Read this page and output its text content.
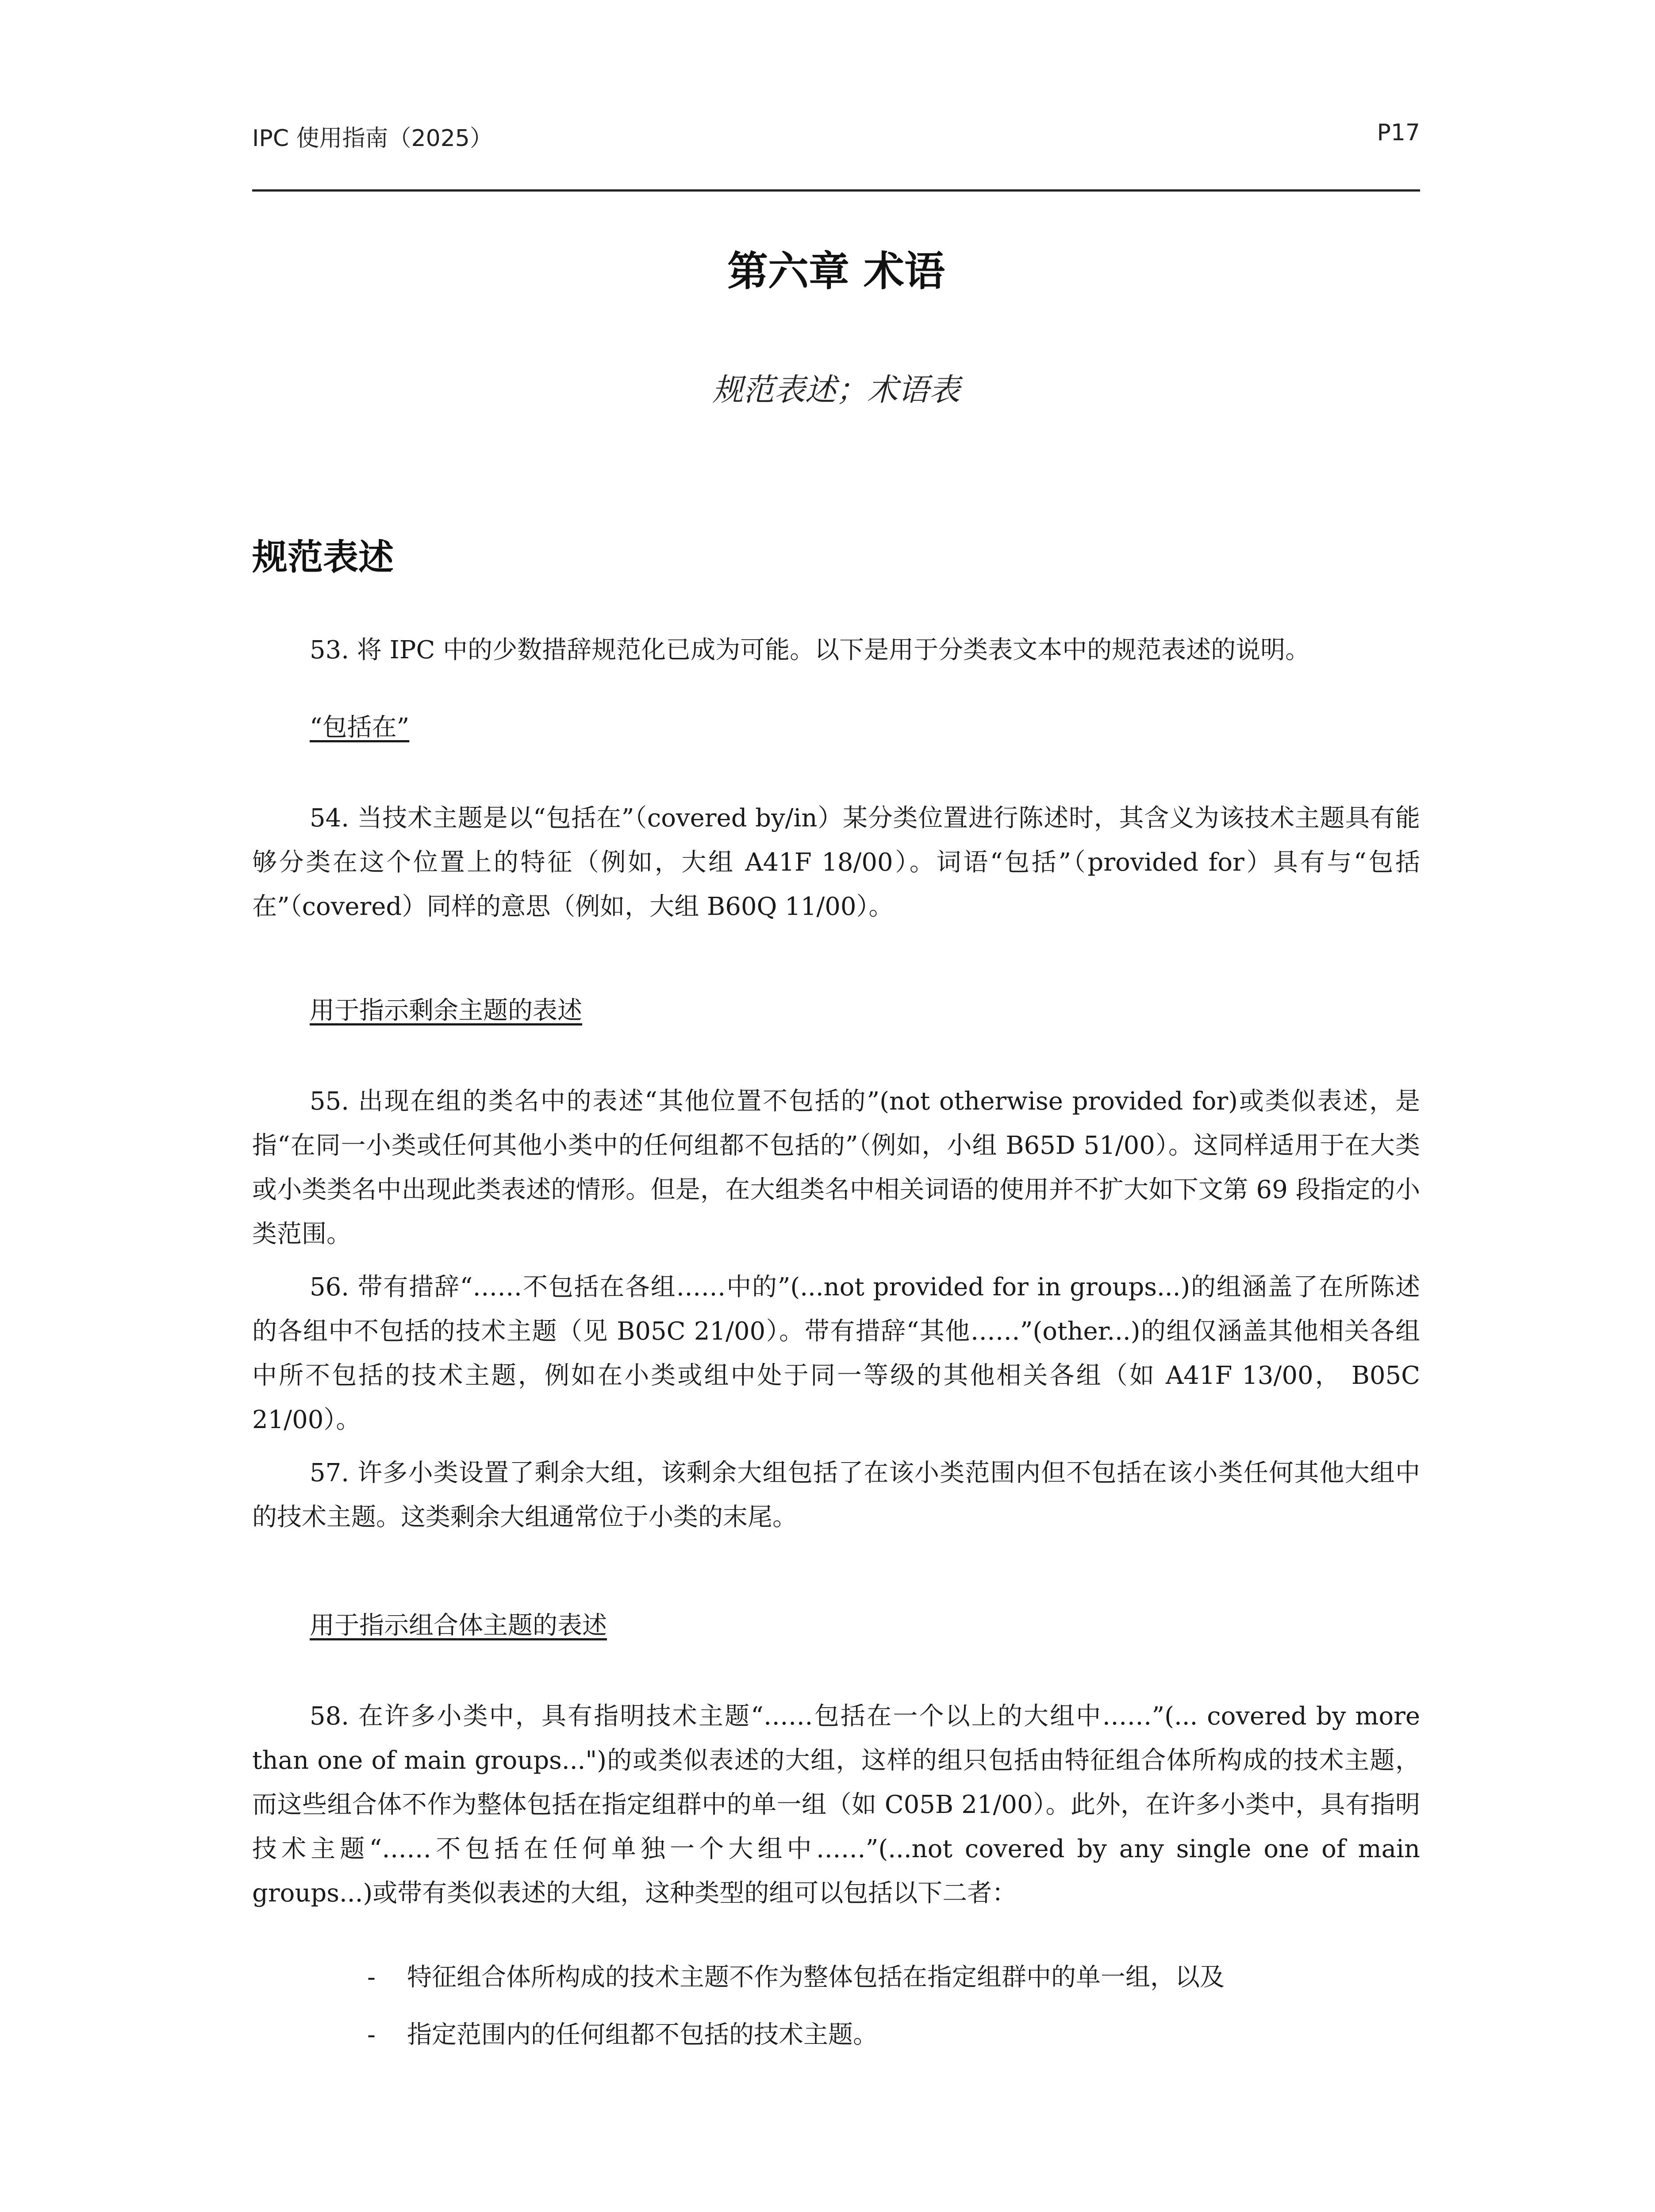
IPC 使用指南（2025）	P17
第六章 术语
规范表述；术语表
规范表述

53. 将 IPC 中的少数措辞规范化已成为可能。以下是用于分类表文本中的规范表述的说明。

“包括在”

54. 当技术主题是以“包括在”（covered by/in）某分类位置进行陈述时，其含义为该技术主题具有能够分类在这个位置上的特征（例如，大组 A41F 18/00）。词语“包括”（provided for）具有与“包括在”（covered）同样的意思（例如，大组 B60Q 11/00）。

用于指示剩余主题的表述

55. 出现在组的类名中的表述“其他位置不包括的”(not otherwise provided for)或类似表述，是指“在同一小类或任何其他小类中的任何组都不包括的”（例如，小组 B65D 51/00）。这同样适用于在大类或小类类名中出现此类表述的情形。但是，在大组类名中相关词语的使用并不扩大如下文第 69 段指定的小类范围。

56. 带有措辞“……不包括在各组……中的”(...not provided for in groups...)的组涵盖了在所陈述的各组中不包括的技术主题（见 B05C 21/00）。带有措辞“其他……”(other...)的组仅涵盖其他相关各组中所不包括的技术主题，例如在小类或组中处于同一等级的其他相关各组（如 A41F 13/00， B05C 21/00）。

57. 许多小类设置了剩余大组，该剩余大组包括了在该小类范围内但不包括在该小类任何其他大组中的技术主题。这类剩余大组通常位于小类的末尾。

用于指示组合体主题的表述

58. 在许多小类中，具有指明技术主题“……包括在一个以上的大组中……”(... covered by more than one of main groups...")的或类似表述的大组，这样的组只包括由特征组合体所构成的技术主题，而这些组合体不作为整体包括在指定组群中的单一组（如 C05B 21/00）。此外，在许多小类中，具有指明技术主题“……不包括在任何单独一个大组中……”(...not covered by any single one of main groups...)或带有类似表述的大组，这种类型的组可以包括以下二者：

- 特征组合体所构成的技术主题不作为整体包括在指定组群中的单一组，以及
- 指定范围内的任何组都不包括的技术主题。
